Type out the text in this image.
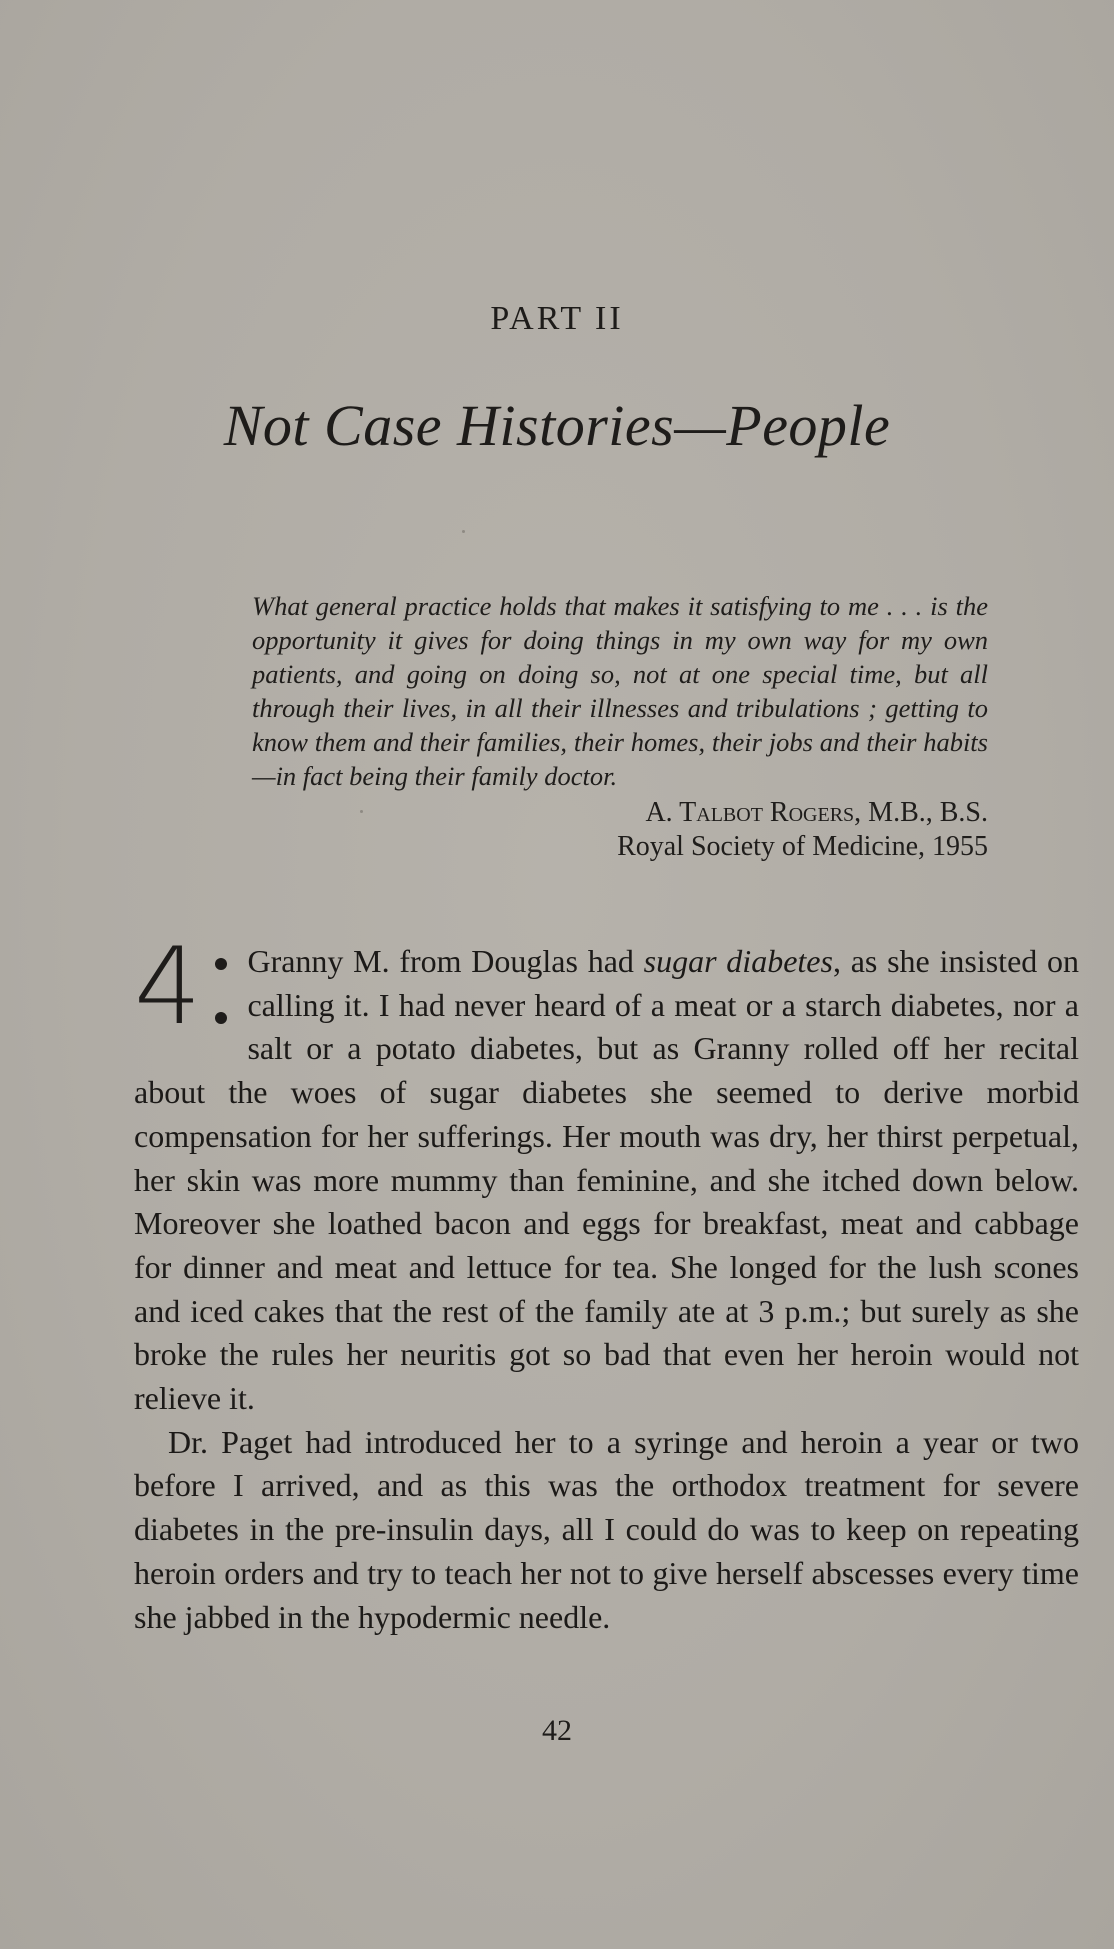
PART II
Not Case Histories—People

What general practice holds that makes it satisfying to me . . . is the opportunity it gives for doing things in my own way for my own patients, and going on doing so, not at one special time, but all through their lives, in all their illnesses and tribulations ; getting to know them and their families, their homes, their jobs and their habits—in fact being their family doctor.

A. Talbot Rogers, M.B., B.S.
Royal Society of Medicine, 1955

4 Granny M. from Douglas had sugar diabetes, as she insisted on calling it. I had never heard of a meat or a starch diabetes, nor a salt or a potato diabetes, but as Granny rolled off her recital about the woes of sugar diabetes she seemed to derive morbid compensation for her sufferings. Her mouth was dry, her thirst perpetual, her skin was more mummy than feminine, and she itched down below. Moreover she loathed bacon and eggs for breakfast, meat and cabbage for dinner and meat and lettuce for tea. She longed for the lush scones and iced cakes that the rest of the family ate at 3 p.m.; but surely as she broke the rules her neuritis got so bad that even her heroin would not relieve it.

Dr. Paget had introduced her to a syringe and heroin a year or two before I arrived, and as this was the orthodox treatment for severe diabetes in the pre-insulin days, all I could do was to keep on repeating heroin orders and try to teach her not to give herself abscesses every time she jabbed in the hypodermic needle.

42
